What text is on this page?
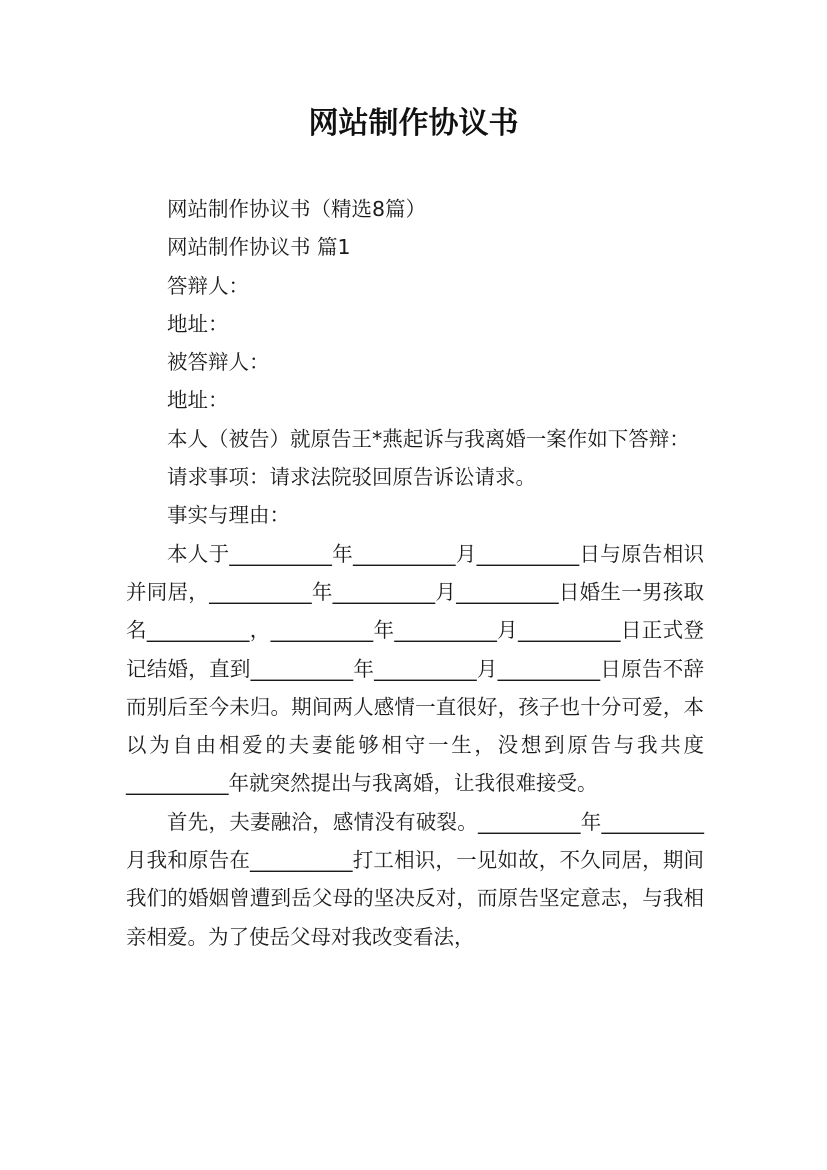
网站制作协议书

网站制作协议书（精选8篇）

网站制作协议书 篇1

答辩人：

地址：

被答辩人：

地址：

本人（被告）就原告王*燕起诉与我离婚一案作如下答辩：

请求事项：请求法院驳回原告诉讼请求。

事实与理由：

本人于__________年__________月__________日与原告相识并同居，__________年__________月__________日婚生一男孩取名__________，__________年__________月__________日正式登记结婚，直到__________年__________月__________日原告不辞而别后至今未归。期间两人感情一直很好，孩子也十分可爱，本以为自由相爱的夫妻能够相守一生，没想到原告与我共度__________年就突然提出与我离婚，让我很难接受。

首先，夫妻融洽，感情没有破裂。__________年__________月我和原告在__________打工相识，一见如故，不久同居，期间我们的婚姻曾遭到岳父母的坚决反对，而原告坚定意志，与我相亲相爱。为了使岳父母对我改变看法，
